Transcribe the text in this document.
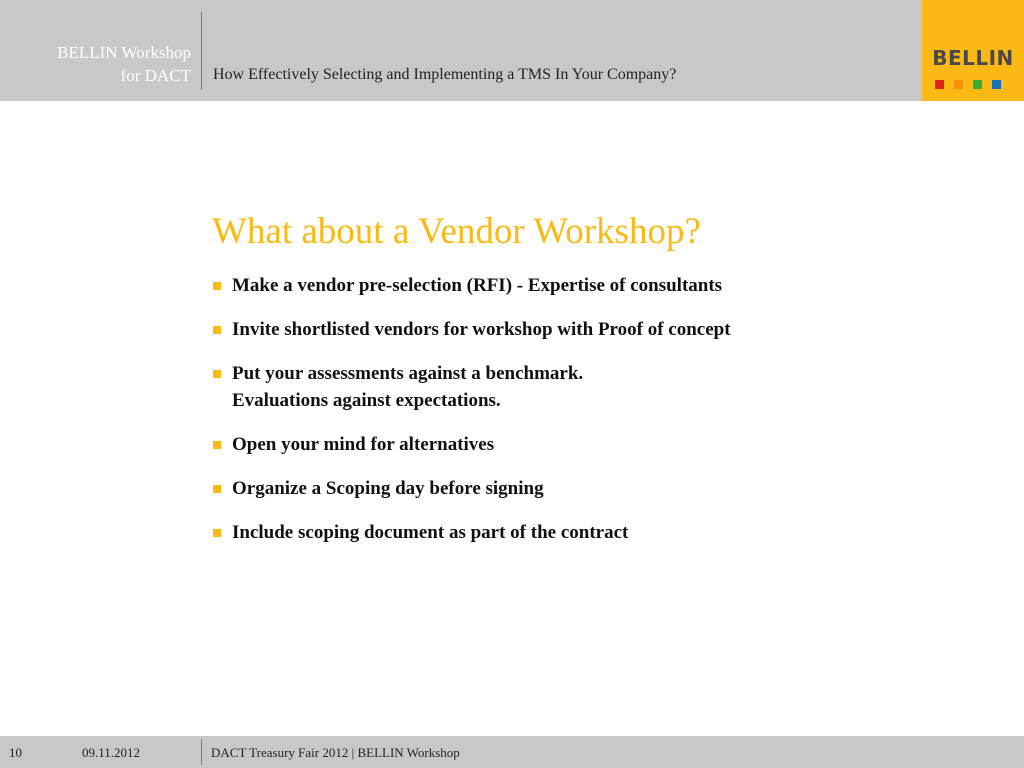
BELLIN Workshop
for DACT How Effectively Selecting and Implementing a TMS In Your Company?
BELLIN
What about a Vendor Workshop?
Make a vendor pre-selection (RFI) - Expertise of consultants
Invite shortlisted vendors for workshop with Proof of concept
Put your assessments against a benchmark.
Evaluations against expectations.
Open your mind for alternatives
Organize a Scoping day before signing
Include scoping document as part of the contract
10	09.11.2012	DACT Treasury Fair 2012 | BELLIN Workshop
